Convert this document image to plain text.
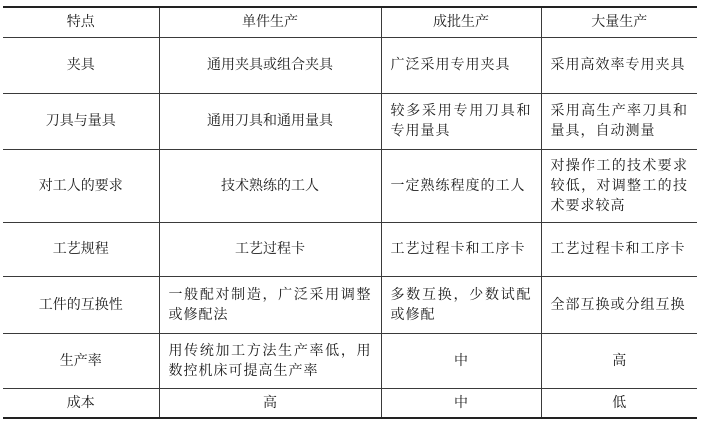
特点	单件生产	成批生产	大量生产
夹具	通用夹具或组合夹具	广泛采用专用夹具	采用高效率专用夹具
刀具与量具	通用刀具和通用量具	较多采用专用刀具和专用量具	采用高生产率刀具和量具，自动测量
对工人的要求	技术熟练的工人	一定熟练程度的工人	对操作工的技术要求较低，对调整工的技术要求较高
工艺规程	工艺过程卡	工艺过程卡和工序卡	工艺过程卡和工序卡
工件的互换性	一般配对制造，广泛采用调整或修配法	多数互换，少数试配或修配	全部互换或分组互换
生产率	用传统加工方法生产率低，用数控机床可提高生产率	中	高
成本	高	中	低
